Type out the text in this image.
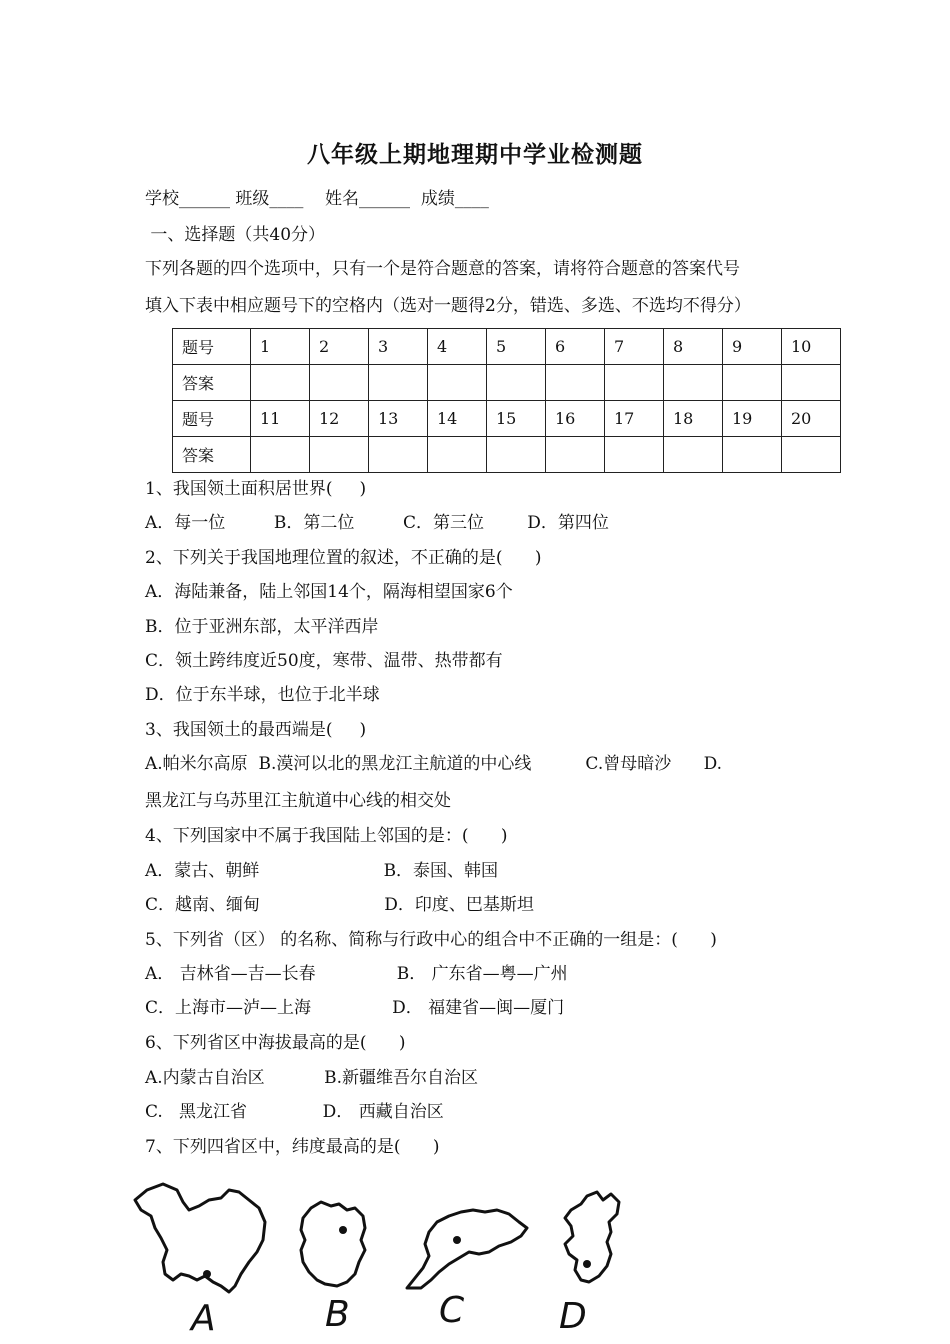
八年级上期地理期中学业检测题
学校______ 班级____    姓名______  成绩____
一、选择题（共40分）
下列各题的四个选项中，只有一个是符合题意的答案，请将符合题意的答案代号
填入下表中相应题号下的空格内（选对一题得2分，错选、多选、不选均不得分）
题号	1	2	3	4	5	6	7	8	9	10
答案										
题号	11	12	13	14	15	16	17	18	19	20
答案										
1、我国领土面积居世界(     )
A．每一位         B．第二位         C．第三位        D．第四位
2、下列关于我国地理位置的叙述，不正确的是(      )
A．海陆兼备，陆上邻国14个，隔海相望国家6个
B．位于亚洲东部，太平洋西岸
C．领土跨纬度近50度，寒带、温带、热带都有
D．位于东半球，也位于北半球
3、我国领土的最西端是(     )
A.帕米尔高原  B.漠河以北的黑龙江主航道的中心线          C.曾母暗沙      D.
黑龙江与乌苏里江主航道中心线的相交处
4、下列国家中不属于我国陆上邻国的是：(      )
A．蒙古、朝鲜                       B．泰国、韩国
C．越南、缅甸                       D．印度、巴基斯坦
5、下列省（区） 的名称、简称与行政中心的组合中不正确的一组是：(      )
A． 吉林省—吉—长春               B． 广东省—粤—广州
C．上海市—泸—上海               D． 福建省—闽—厦门
6、下列省区中海拔最高的是(      )
A.内蒙古自治区           B.新疆维吾尔自治区
C.   黑龙江省              D． 西藏自治区
7、下列四省区中，纬度最高的是(      )
A	B C	D
